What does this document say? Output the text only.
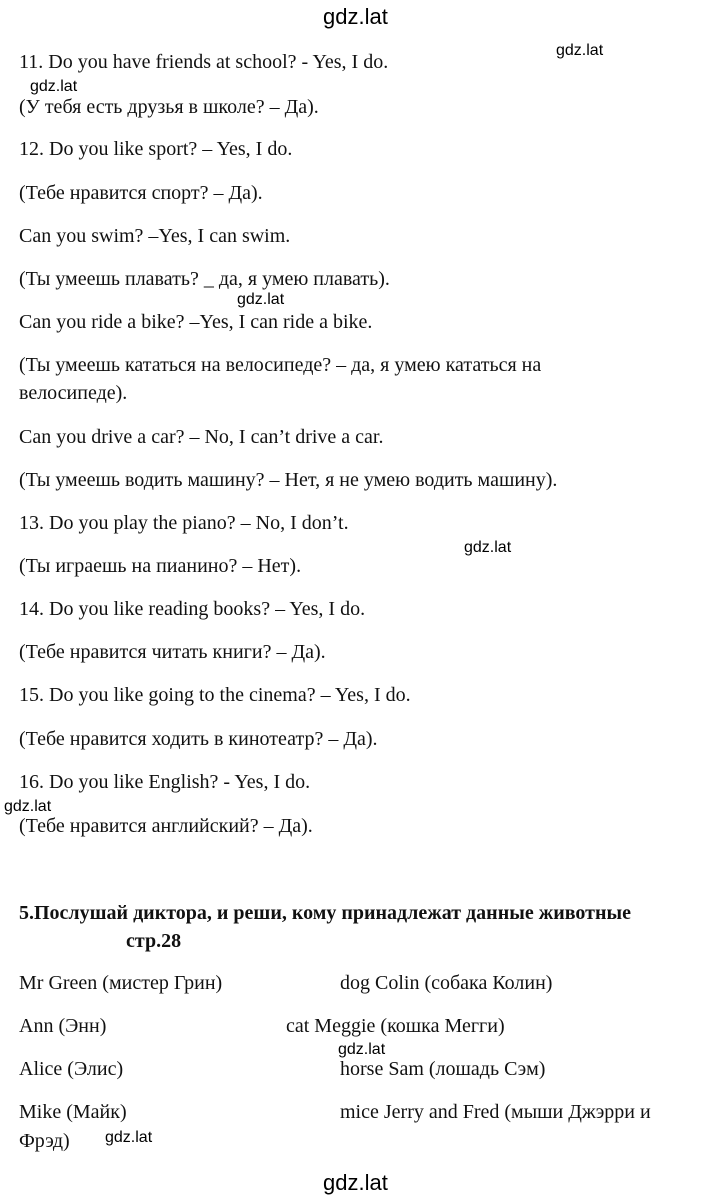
gdz.lat
gdz.lat
gdz.lat
gdz.lat
gdz.lat
gdz.lat
gdz.lat
gdz.lat
gdz.lat
11. Do you have friends at school? - Yes, I do.
(У тебя есть друзья в школе? – Да).
12. Do you like sport? – Yes, I do.
(Тебе нравится спорт? – Да).
Can you swim? –Yes, I can swim.
(Ты умеешь плавать? _ да, я умею плавать).
Can you ride a bike? –Yes, I can ride a bike.
(Ты умеешь кататься на велосипеде? – да, я умею кататься на
велосипеде).
Can you drive a car? – No, I can’t drive a car.
(Ты умеешь водить машину? – Нет, я не умею водить машину).
13. Do you play the piano? – No, I don’t.
(Ты играешь на пианино? – Нет).
14. Do you like reading books? – Yes, I do.
(Тебе нравится читать книги? – Да).
15. Do you like going to the cinema? – Yes, I do.
(Тебе нравится ходить в кинотеатр? – Да).
16. Do you like English? - Yes, I do.
(Тебе нравится английский? – Да).
5.Послушай диктора, и реши, кому принадлежат данные животные
стр.28
Mr Green (мистер Грин)	dog Colin (собака Колин)
Ann (Энн)	cat Meggie (кошка Мегги)
Alice (Элис)	horse Sam (лошадь Сэм)
Mike (Майк)	mice Jerry and Fred (мыши Джэрри и
Фрэд)
